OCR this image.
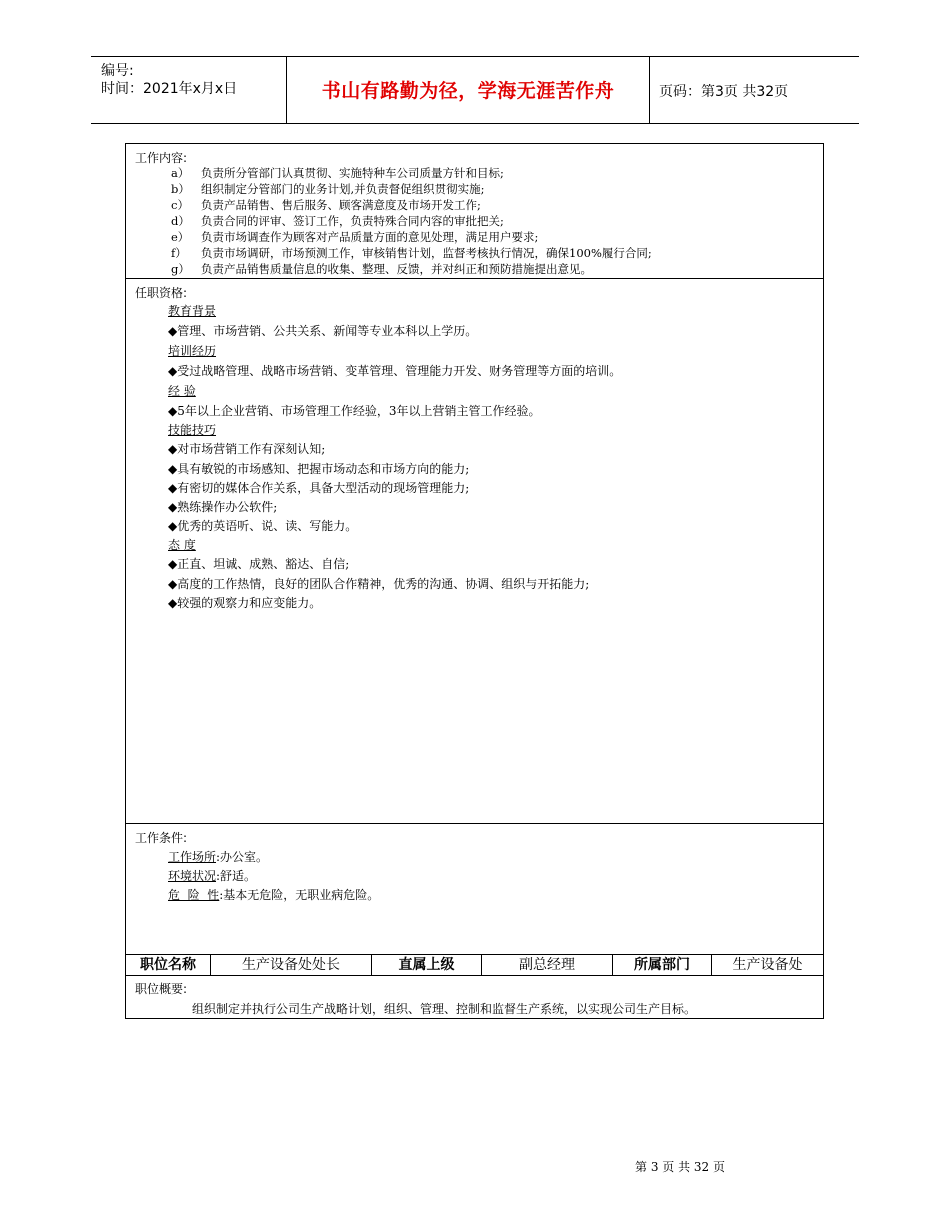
编号:
时间：2021年x月x日	书山有路勤为径，学海无涯苦作舟	页码：第3页 共32页
工作内容:
a） 负责所分管部门认真贯彻、实施特种车公司质量方针和目标;
b） 组织制定分管部门的业务计划,并负责督促组织贯彻实施;
c） 负责产品销售、售后服务、顾客满意度及市场开发工作;
d） 负责合同的评审、签订工作，负责特殊合同内容的审批把关;
e） 负责市场调查作为顾客对产品质量方面的意见处理，满足用户要求;
f） 负责市场调研，市场预测工作，审核销售计划，监督考核执行情况，确保100%履行合同;
g） 负责产品销售质量信息的收集、整理、反馈，并对纠正和预防措施提出意见。
任职资格:
教育背景
◆管理、市场营销、公共关系、新闻等专业本科以上学历。
培训经历
◆受过战略管理、战略市场营销、变革管理、管理能力开发、财务管理等方面的培训。
经 验
◆5年以上企业营销、市场管理工作经验，3年以上营销主管工作经验。
技能技巧
◆对市场营销工作有深刻认知;
◆具有敏锐的市场感知、把握市场动态和市场方向的能力;
◆有密切的媒体合作关系，具备大型活动的现场管理能力;
◆熟练操作办公软件;
◆优秀的英语听、说、读、写能力。
态 度
◆正直、坦诚、成熟、豁达、自信;
◆高度的工作热情，良好的团队合作精神，优秀的沟通、协调、组织与开拓能力;
◆较强的观察力和应变能力。
工作条件:
工作场所:办公室。
环境状况:舒适。
危  险  性:基本无危险，无职业病危险。
职位名称	生产设备处处长	直属上级	副总经理	所属部门	生产设备处
职位概要:
组织制定并执行公司生产战略计划，组织、管理、控制和监督生产系统，以实现公司生产目标。
第 3 页 共 32 页
